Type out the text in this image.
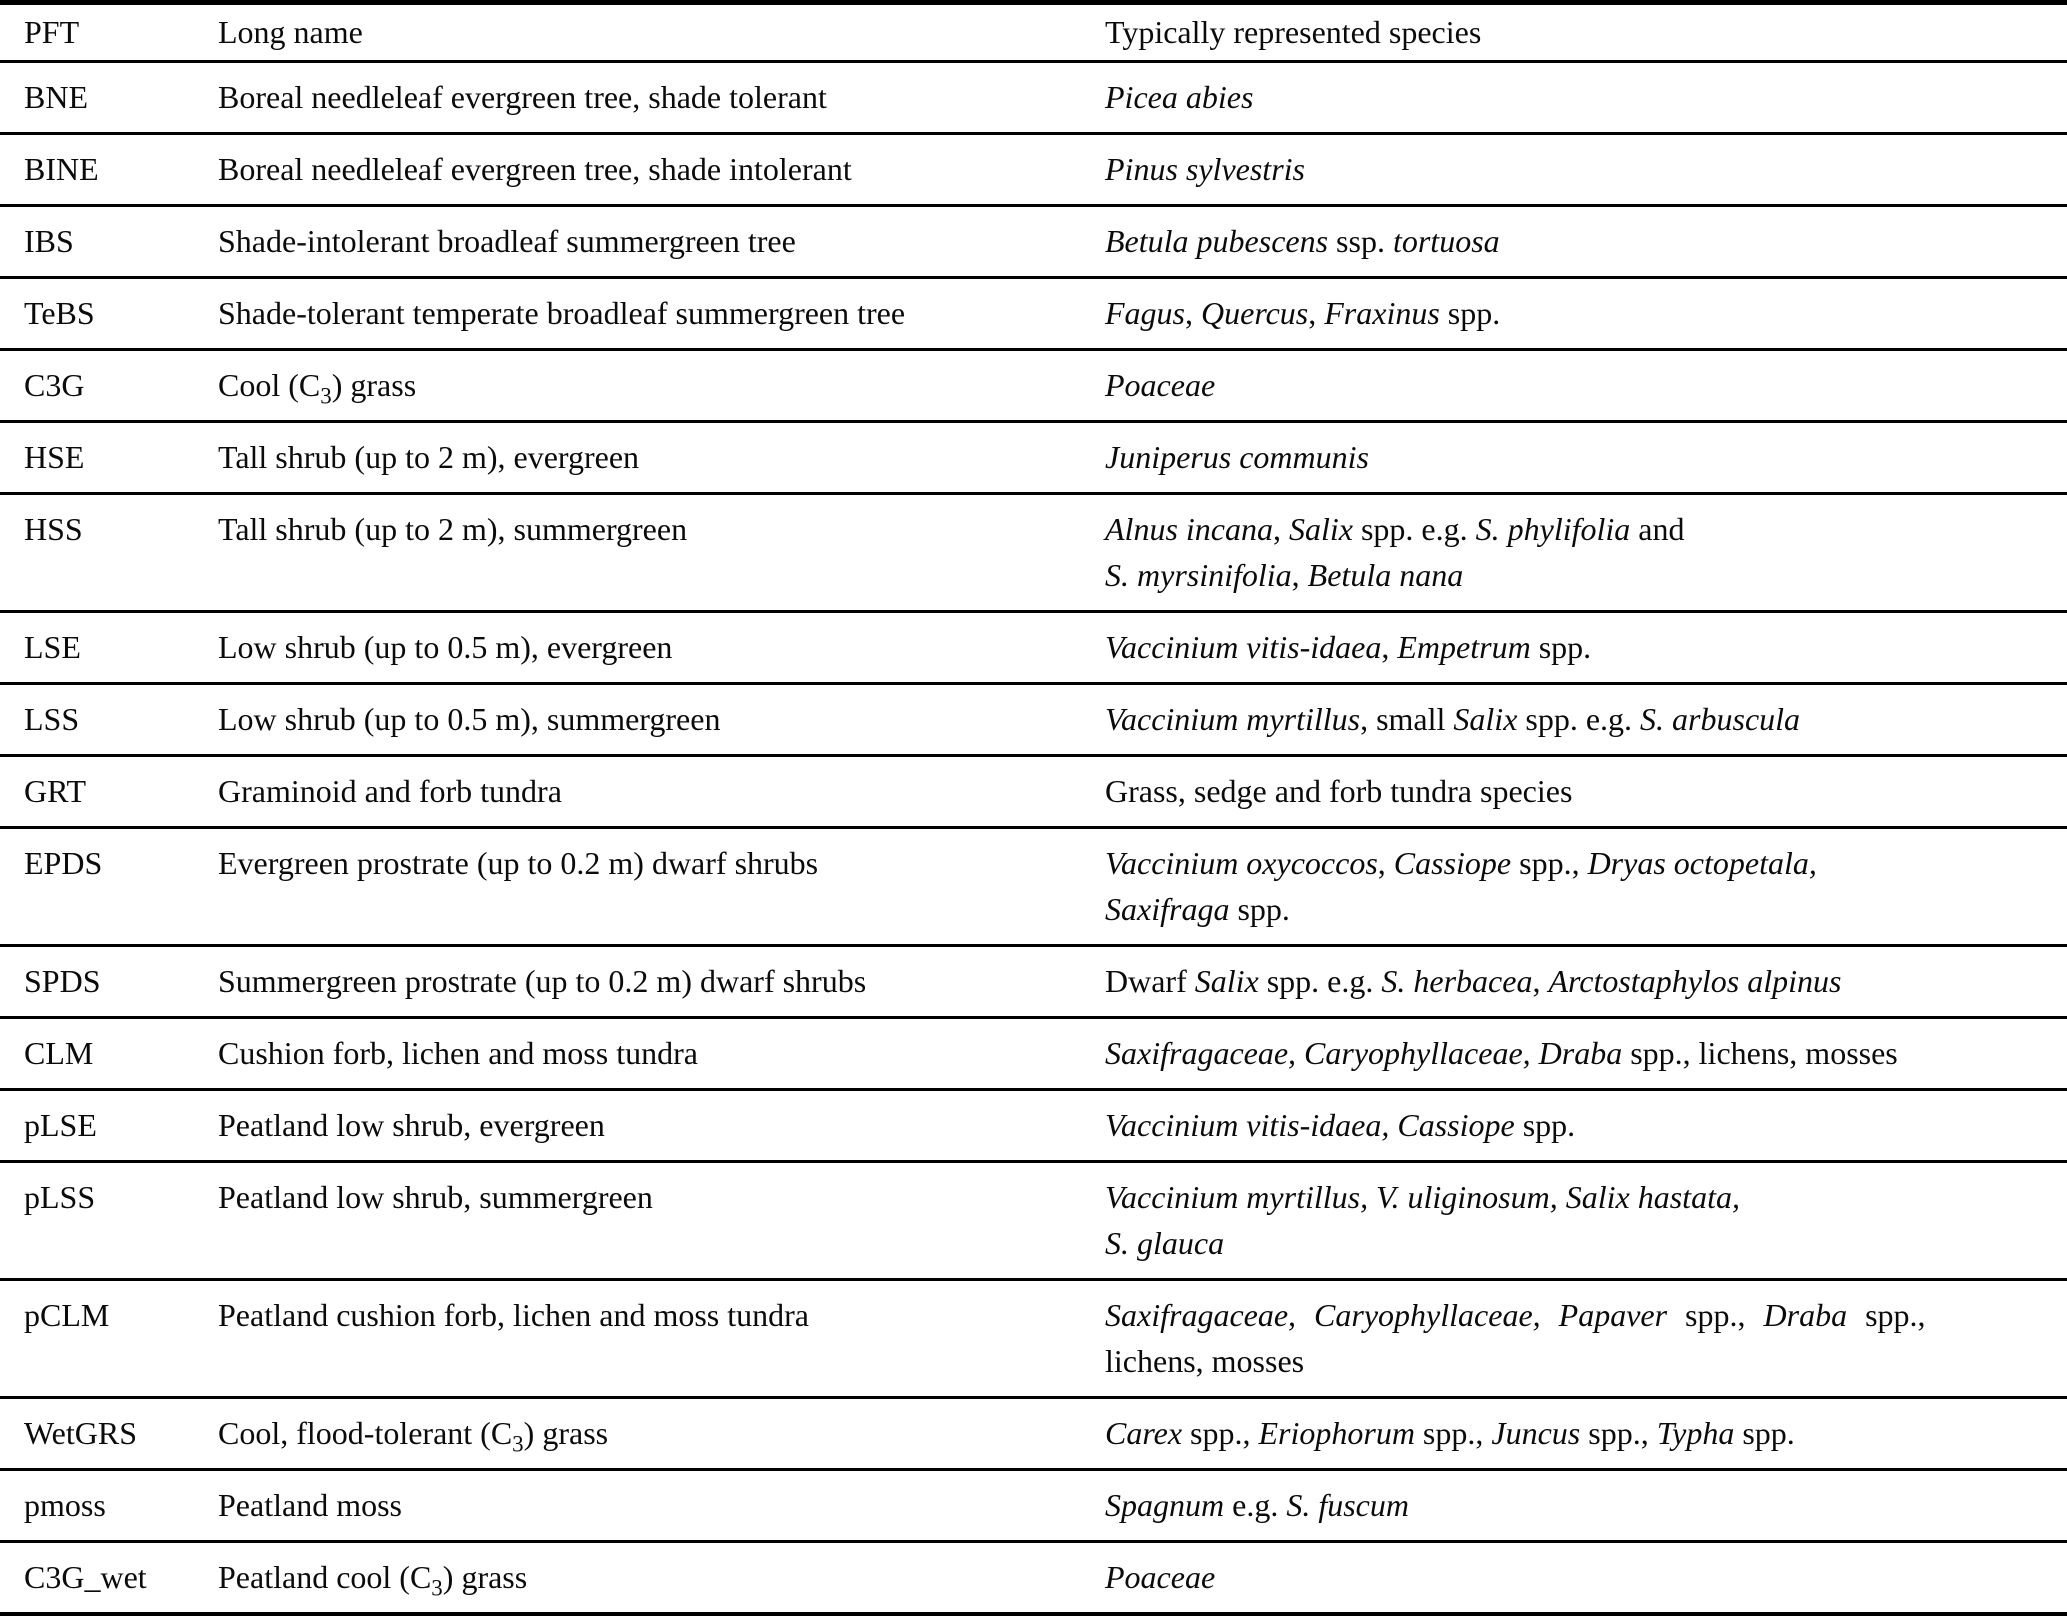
PFT	Long name	Typically represented species
BNE	Boreal needleleaf evergreen tree, shade tolerant	Picea abies

BINE	Boreal needleleaf evergreen tree, shade intolerant	Pinus sylvestris

IBS	Shade-intolerant broadleaf summergreen tree	Betula pubescens ssp. tortuosa

TeBS	Shade-tolerant temperate broadleaf summergreen tree	Fagus, Quercus, Fraxinus spp.

C3G	Cool $(C_3)$ grass	Poaceae

HSE	Tall shrub (up to 2 m), evergreen	Juniperus communis

HSS	Tall shrub (up to 2 m), summergreen	Alnus incana, Salix spp. e.g. S. phylifolia and
S. myrsinifolia, Betula nana

LSE	Low shrub (up to 0.5 m), evergreen	Vaccinium vitis-idaea, Empetrum spp.

LSS	Low shrub (up to 0.5 m), summergreen	Vaccinium myrtillus, small Salix spp. e.g. S. arbuscula

GRT	Graminoid and forb tundra	Grass, sedge and forb tundra species

EPDS	Evergreen prostrate (up to 0.2 m) dwarf shrubs	Vaccinium oxycoccos, Cassiope spp., Dryas octopetala,
Saxifraga spp.

SPDS	Summergreen prostrate (up to 0.2 m) dwarf shrubs	Dwarf Salix spp. e.g. S. herbacea, Arctostaphylos alpinus

CLM	Cushion forb, lichen and moss tundra	Saxifragaceae, Caryophyllaceae, Draba spp., lichens, mosses

pLSE	Peatland low shrub, evergreen	Vaccinium vitis-idaea, Cassiope spp.

pLSS	Peatland low shrub, summergreen	Vaccinium myrtillus, V. uliginosum, Salix hastata,
S. glauca

pCLM	Peatland cushion forb, lichen and moss tundra	Saxifragaceae, Caryophyllaceae, Papaver spp., Draba spp.,
lichens, mosses

WetGRS	Cool, flood-tolerant $(C_3)$ grass	Carex spp., Eriophorum spp., Juncus spp., Typha spp.

pmoss	Peatland moss	Spagnum e.g. S. fuscum

C3G_wet	Peatland cool $(C_3)$ grass	Poaceae
